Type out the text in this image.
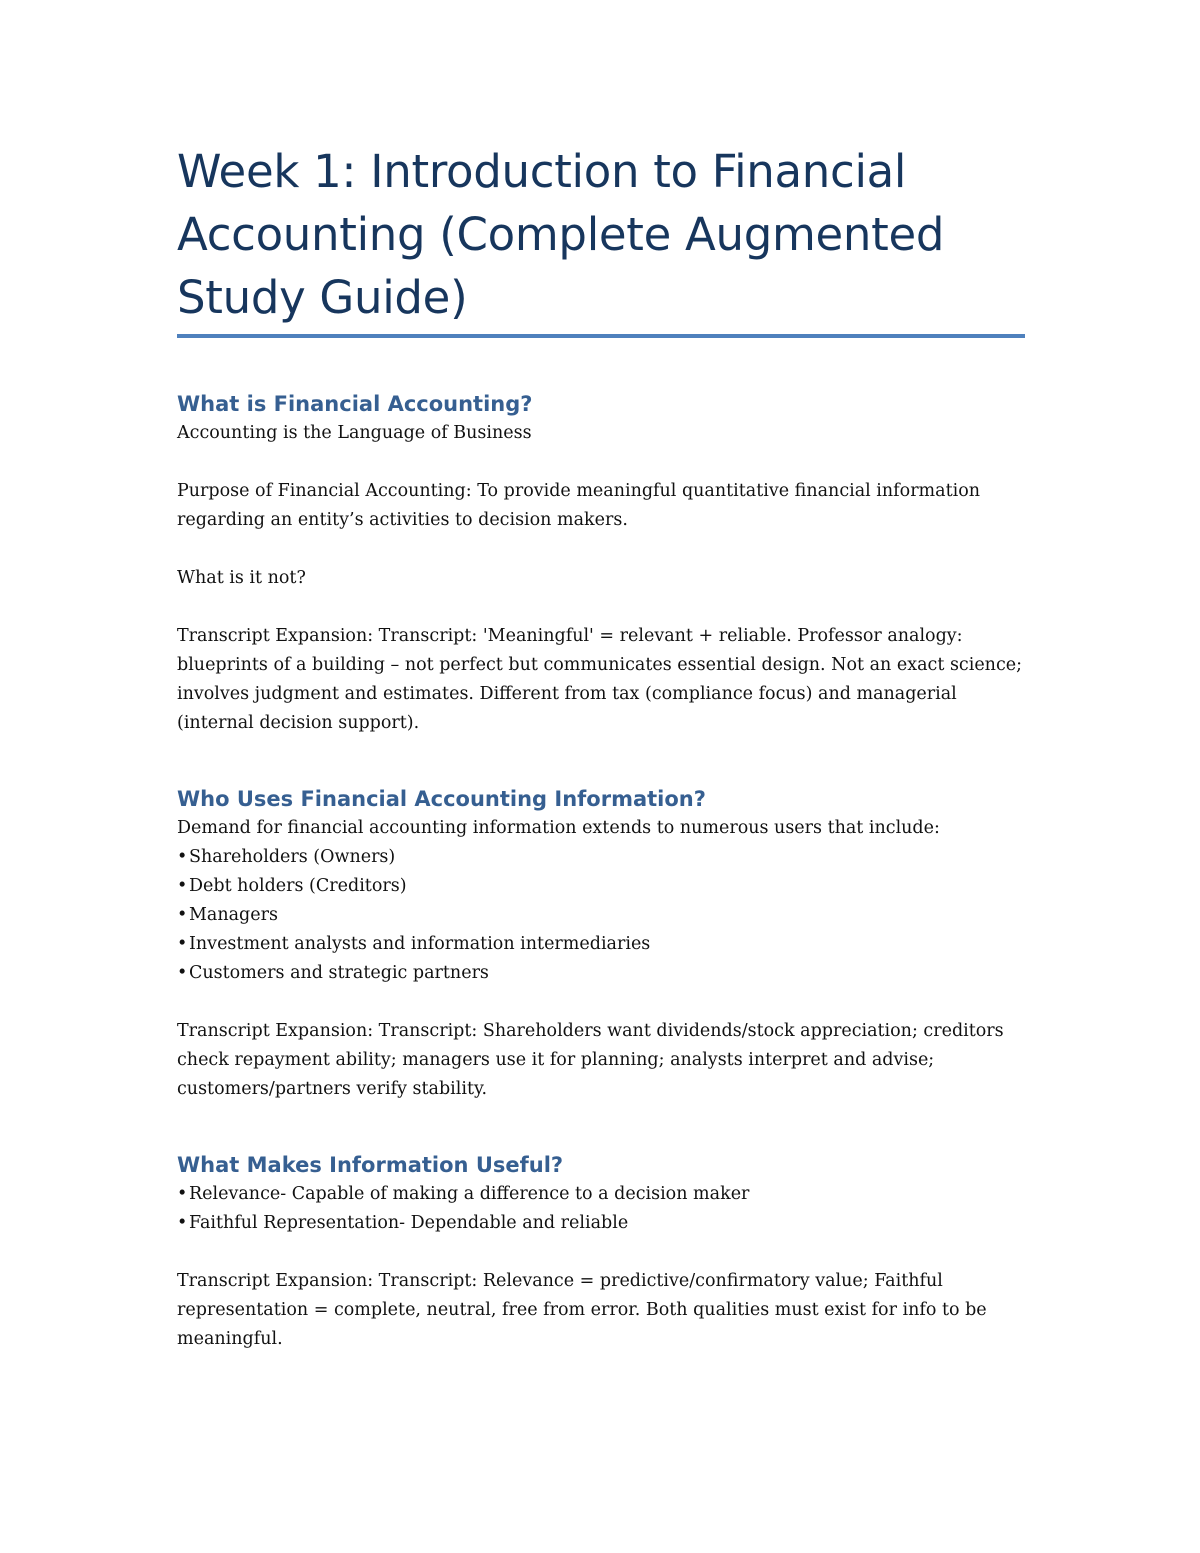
Week 1: Introduction to Financial Accounting (Complete Augmented Study Guide)
What is Financial Accounting?

Accounting is the Language of Business

Purpose of Financial Accounting: To provide meaningful quantitative financial information regarding an entity’s activities to decision makers.

What is it not?

Transcript Expansion: Transcript: 'Meaningful' = relevant + reliable. Professor analogy: blueprints of a building – not perfect but communicates essential design. Not an exact science; involves judgment and estimates. Different from tax (compliance focus) and managerial (internal decision support).

Who Uses Financial Accounting Information?

Demand for financial accounting information extends to numerous users that include:

•Shareholders (Owners)
•Debt holders (Creditors)
•Managers
•Investment analysts and information intermediaries
•Customers and strategic partners

Transcript Expansion: Transcript: Shareholders want dividends/stock appreciation; creditors check repayment ability; managers use it for planning; analysts interpret and advise; customers/partners verify stability.

What Makes Information Useful?
•Relevance- Capable of making a difference to a decision maker
•Faithful Representation- Dependable and reliable

Transcript Expansion: Transcript: Relevance = predictive/confirmatory value; Faithful representation = complete, neutral, free from error. Both qualities must exist for info to be meaningful.
